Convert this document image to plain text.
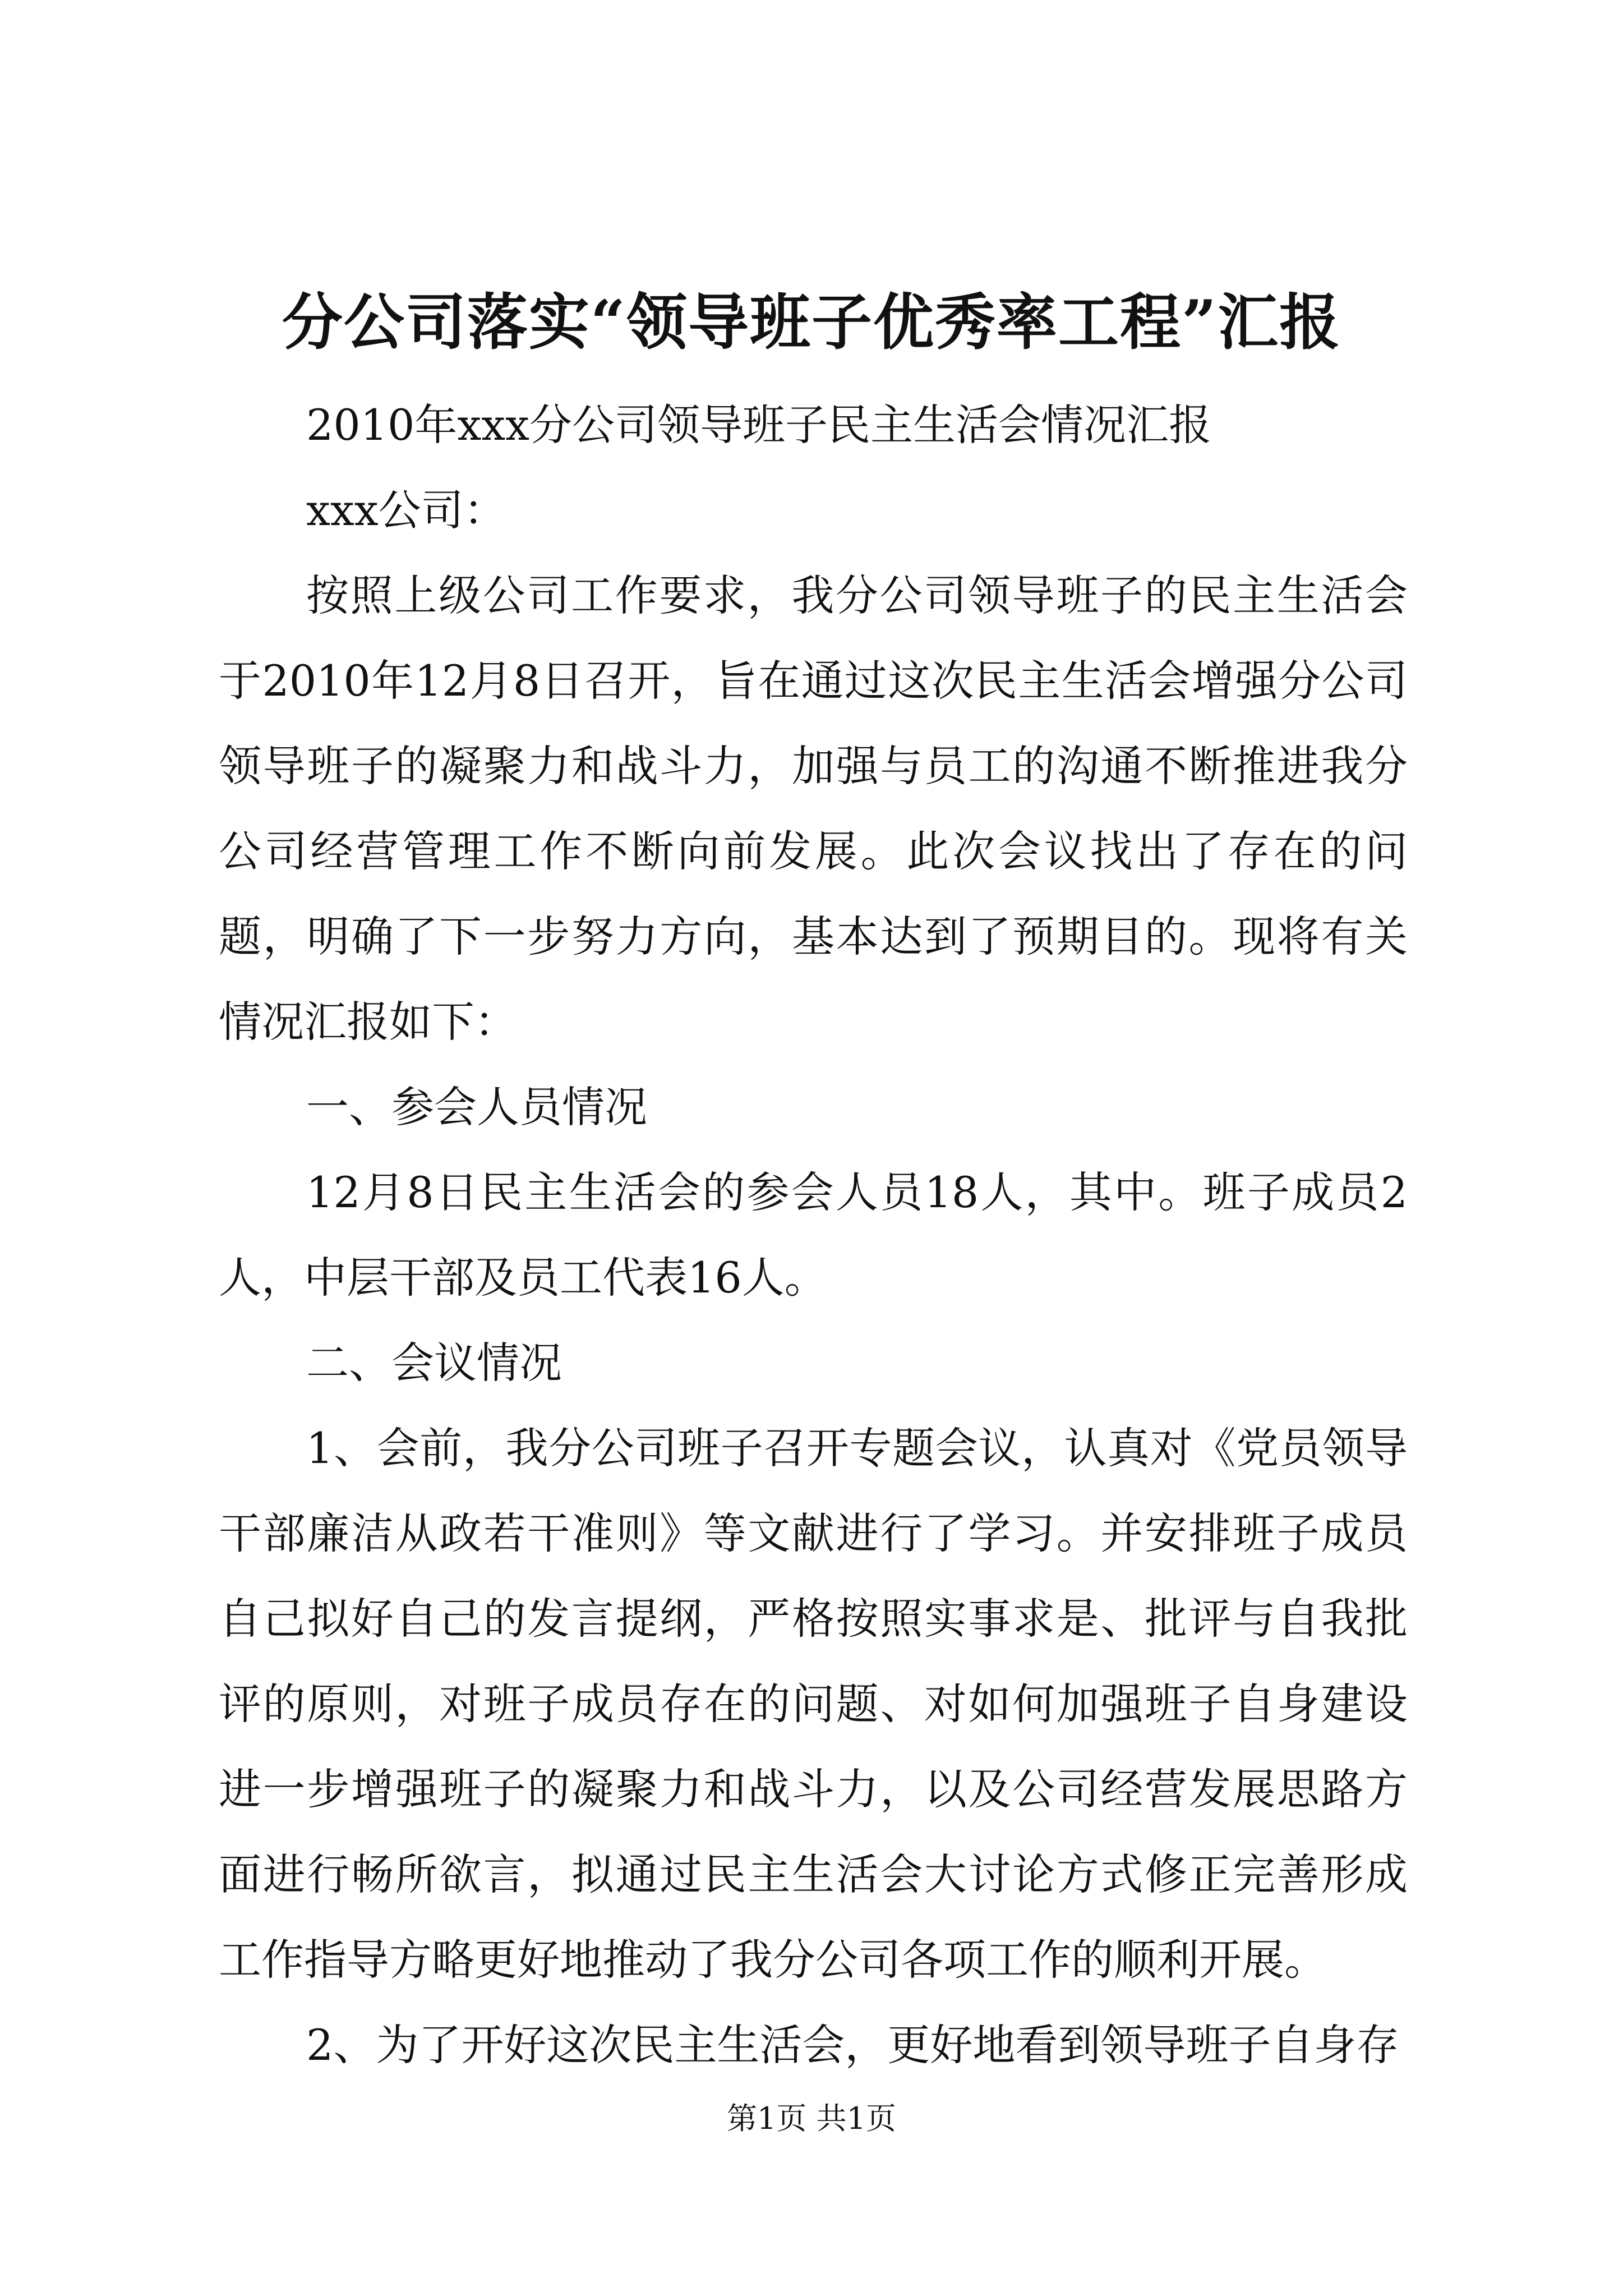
分公司落实“领导班子优秀率工程”汇报

2010年xxx分公司领导班子民主生活会情况汇报

xxx公司：

按照上级公司工作要求，我分公司领导班子的民主生活会于2010年12月8日召开，旨在通过这次民主生活会增强分公司领导班子的凝聚力和战斗力，加强与员工的沟通不断推进我分公司经营管理工作不断向前发展。此次会议找出了存在的问题，明确了下一步努力方向，基本达到了预期目的。现将有关情况汇报如下：

一、参会人员情况

12月8日民主生活会的参会人员18人，其中。班子成员2人，中层干部及员工代表16人。

二、会议情况

1、会前，我分公司班子召开专题会议，认真对《党员领导干部廉洁从政若干准则》等文献进行了学习。并安排班子成员自己拟好自己的发言提纲，严格按照实事求是、批评与自我批评的原则，对班子成员存在的问题、对如何加强班子自身建设进一步增强班子的凝聚力和战斗力，以及公司经营发展思路方面进行畅所欲言，拟通过民主生活会大讨论方式修正完善形成工作指导方略更好地推动了我分公司各项工作的顺利开展。

2、为了开好这次民主生活会，更好地看到领导班子自身存

第1页 共1页
